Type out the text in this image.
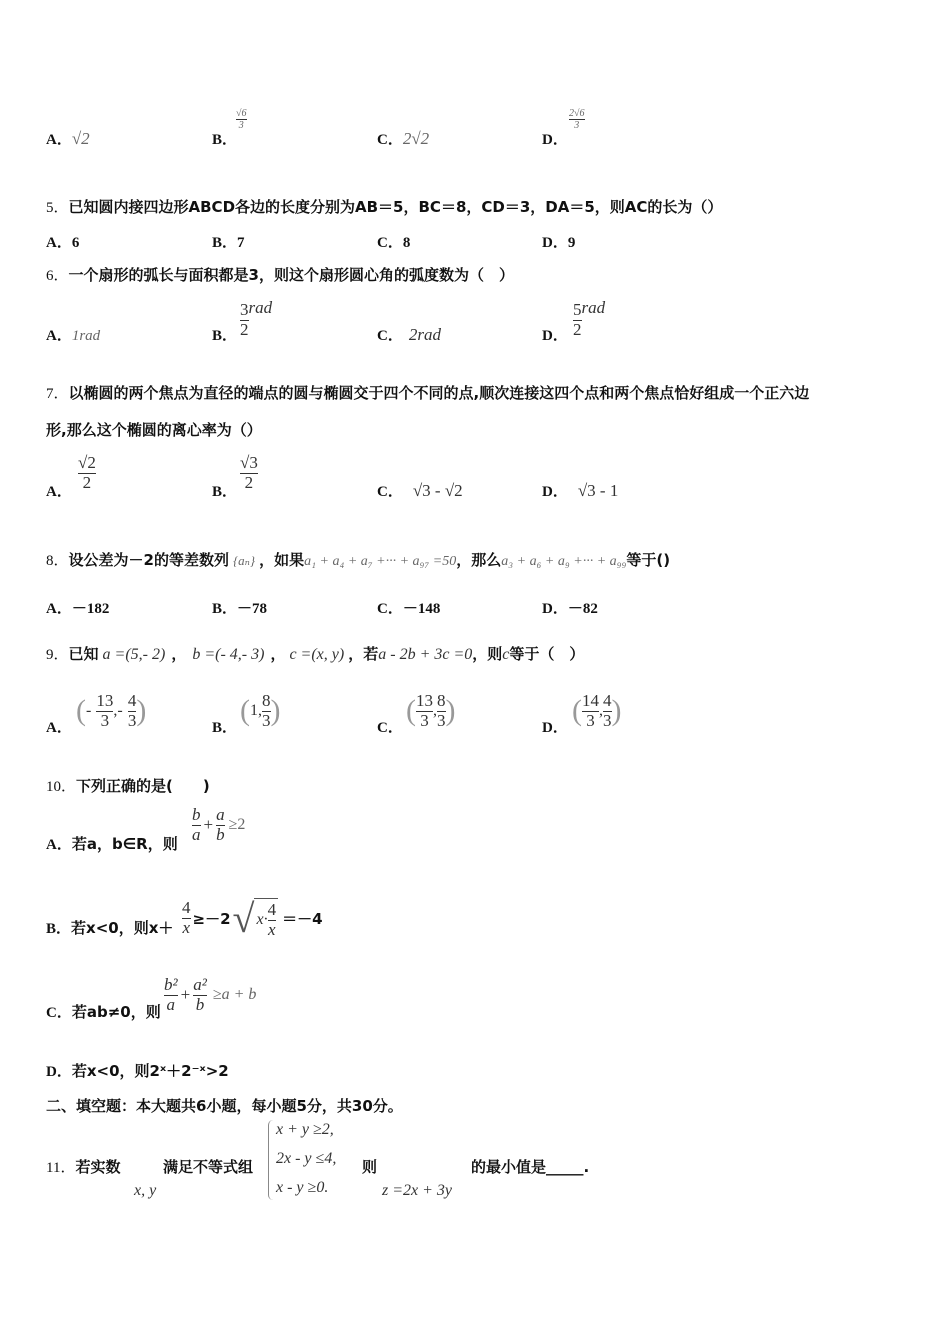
A．√2	B．
$\frac{√6}{3}$
C．2√2	D．
$\frac{2√6}{3}$
5．已知圆内接四边形ABCD各边的长度分别为AB＝5，BC＝8，CD＝3，DA＝5，则AC的长为（）
A．6	B．7	C．8	D．9
6．一个扇形的弧长与面积都是3，则这个扇形圆心角的弧度数为（　）
A．1rad	B． $\frac{3}{2}$ rad
C． 2rad	D． $\frac{5}{2}$ rad
7．以椭圆的两个焦点为直径的端点的圆与椭圆交于四个不同的点,顺次连接这四个点和两个焦点恰好组成一个正六边
形,那么这个椭圆的离心率为（）
A． $\frac{√2}{2}$	B． $\frac{√3}{2}$	C． √3 - √2	D． √3 - 1
8．设公差为－2的等差数列 {aₙ} ，如果a₁ + a₄ + a₇ +··· + a₉₇ =50，那么a₃ + a₆ + a₉ +··· + a₉₉等于()
A．－182	B．－78	C．－148	D．－82
9．已知 a =(5,- 2) ， b =(- 4,- 3) ， c =(x, y) ，若a - 2b + 3c =0，则c等于（　）
A．
(- $\frac{13}{3}$ ,- $\frac{4}{3}$ )
B．
(1, $\frac{8}{3}$ )
C．
( $\frac{13}{3}$ , $\frac{8}{3}$ )
D．
( $\frac{14}{3}$ , $\frac{4}{3}$ )
10．下列正确的是(　　)
A．若a，b∈R，则 $\frac{b}{a} + \frac{a}{b} \ge 2$
B．若x<0，则$x+ \frac{4}{x} \ge-2√$ $x\cdot \frac{4}{x} =-4$
C．若ab≠0，则 $\frac{\text{b²}}{a} + \frac{\text{a²}}{b} \ge a + b$
D．若x<0，则2ˣ＋2⁻ˣ>2
二、填空题：本大题共6小题，每小题5分，共30分。
11．若实数
x, y
满足不等式组
x + y ≥2,
2x - y ≤4,
x - y ≥0.
则
z =2x + 3y
的最小值是_____.
